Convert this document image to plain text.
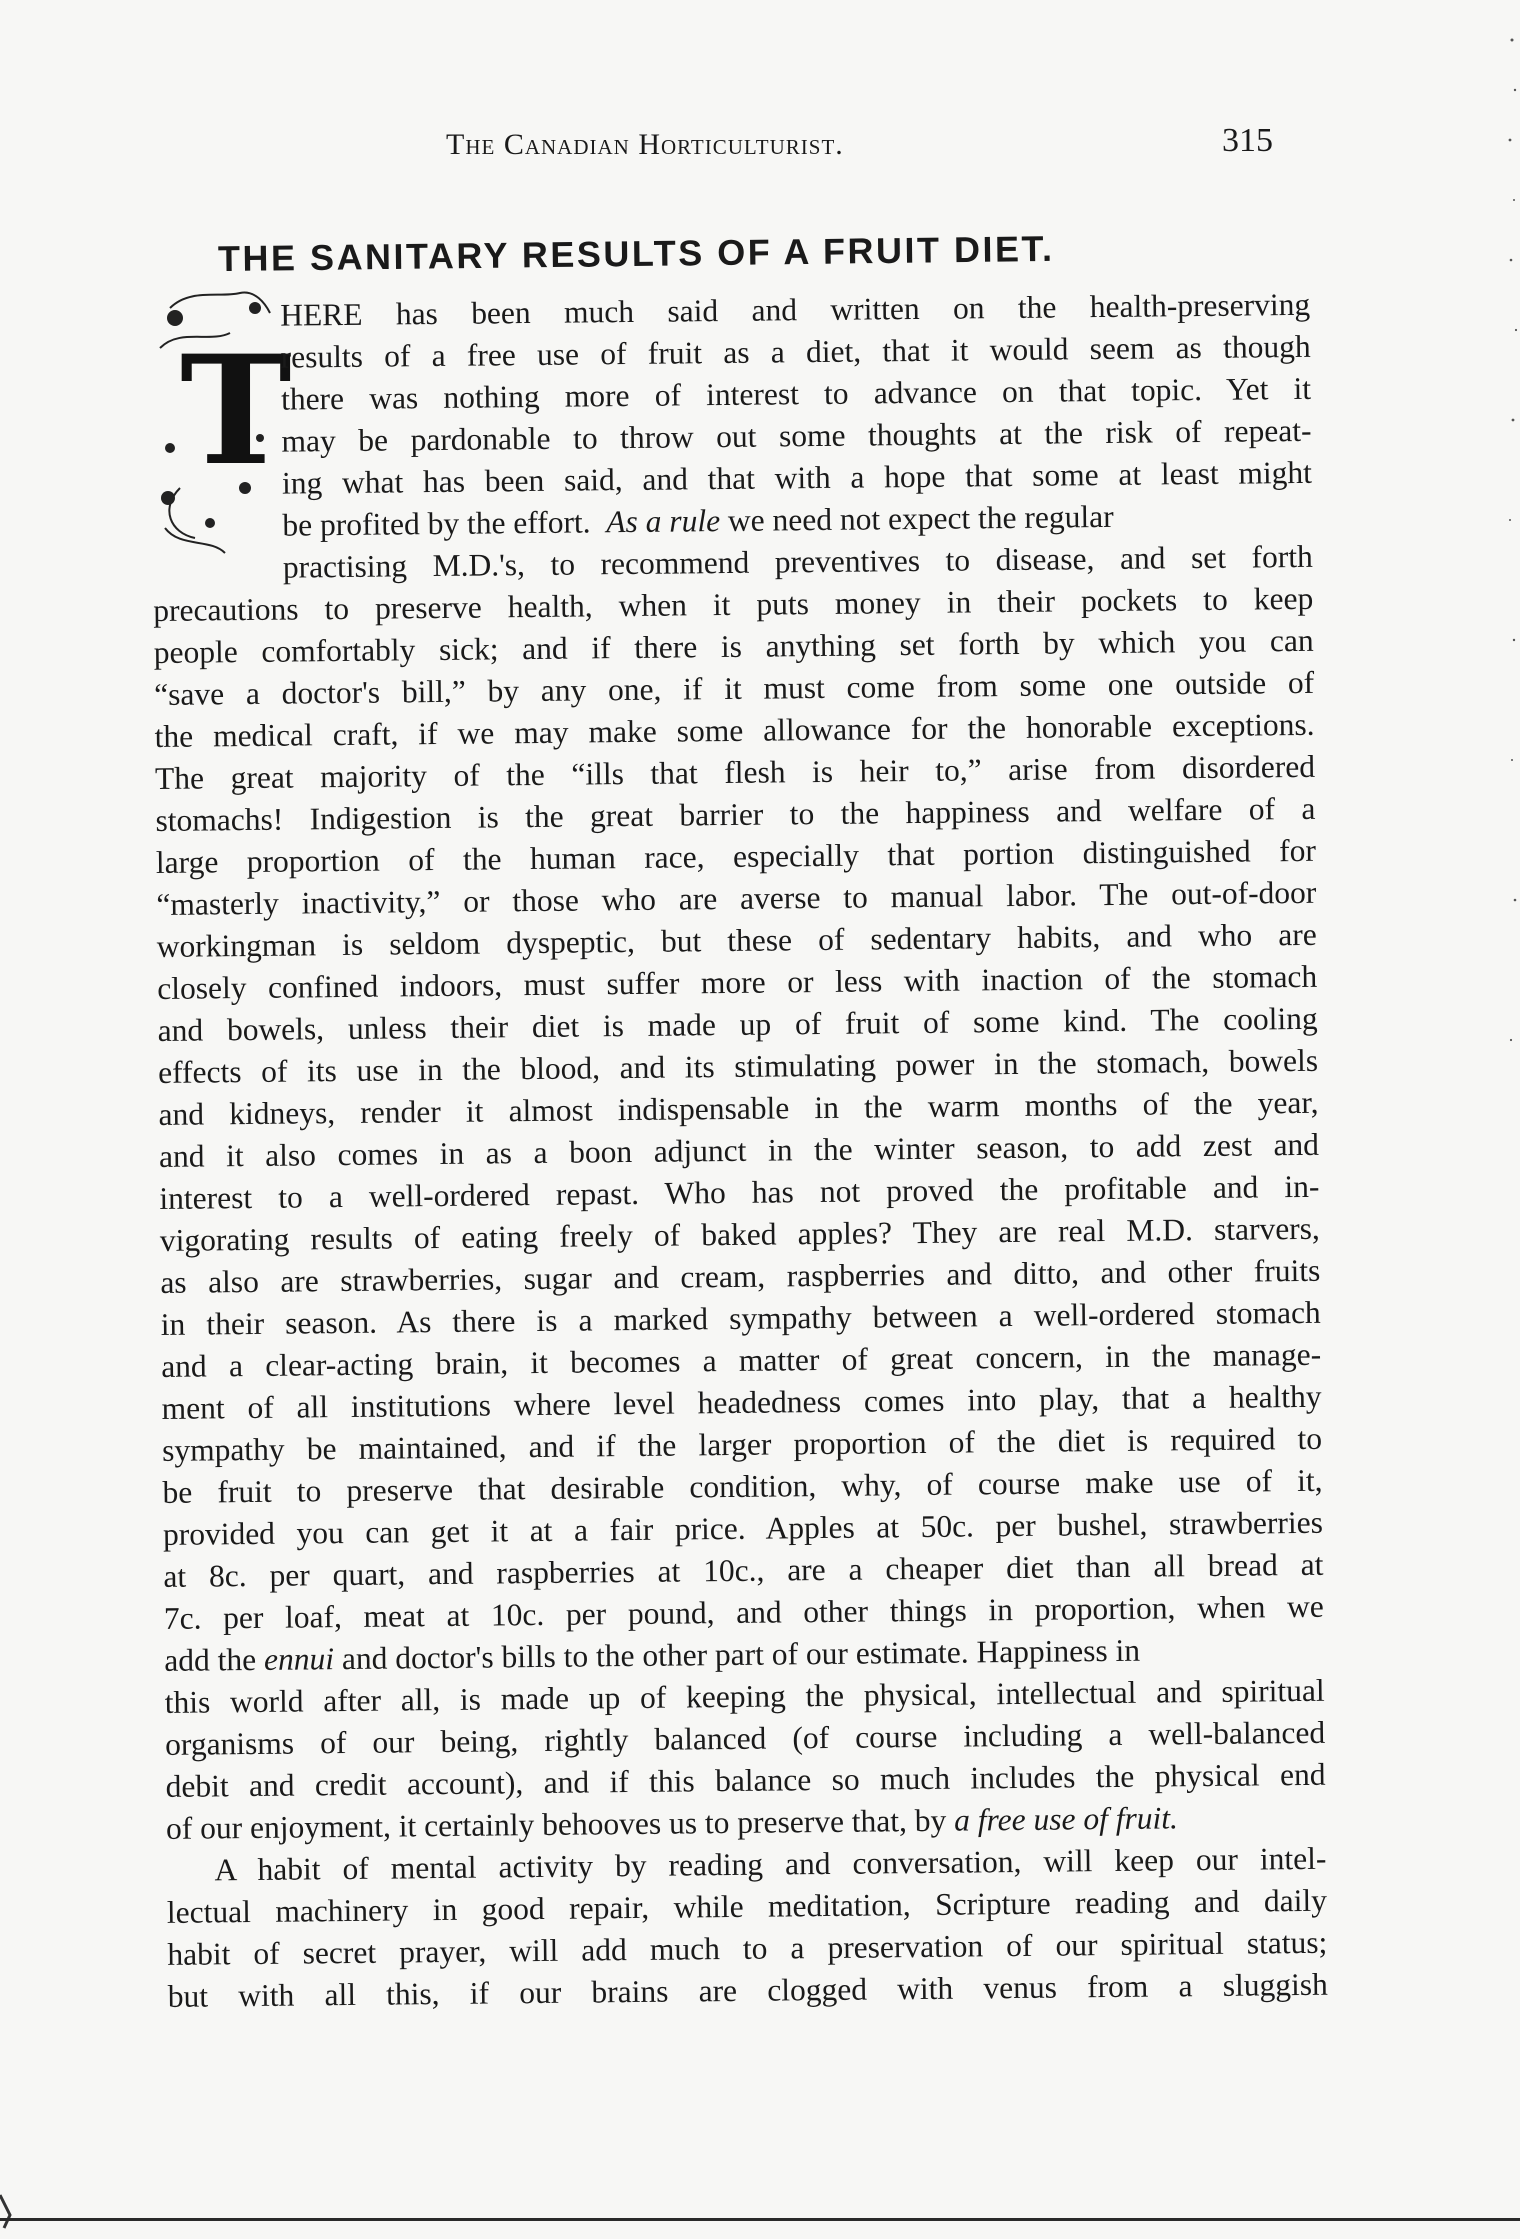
The Canadian Horticulturist.	315
THE SANITARY RESULTS OF A FRUIT DIET.
T
HERE has been much said and written on the health-preserving
results of a free use of fruit as a diet, that it would seem as though
there was nothing more of interest to advance on that topic. Yet it
may be pardonable to throw out some thoughts at the risk of repeat-
ing what has been said, and that with a hope that some at least might
be profited by the effort. As a rule we need not expect the regular
practising M.D.'s, to recommend preventives to disease, and set forth
precautions to preserve health, when it puts money in their pockets to keep
people comfortably sick; and if there is anything set forth by which you can
“save a doctor's bill,” by any one, if it must come from some one outside of
the medical craft, if we may make some allowance for the honorable exceptions.
The great majority of the “ills that flesh is heir to,” arise from disordered
stomachs! Indigestion is the great barrier to the happiness and welfare of a
large proportion of the human race, especially that portion distinguished for
“masterly inactivity,” or those who are averse to manual labor. The out-of-door
workingman is seldom dyspeptic, but these of sedentary habits, and who are
closely confined indoors, must suffer more or less with inaction of the stomach
and bowels, unless their diet is made up of fruit of some kind. The cooling
effects of its use in the blood, and its stimulating power in the stomach, bowels
and kidneys, render it almost indispensable in the warm months of the year,
and it also comes in as a boon adjunct in the winter season, to add zest and
interest to a well-ordered repast. Who has not proved the profitable and in-
vigorating results of eating freely of baked apples? They are real M.D. starvers,
as also are strawberries, sugar and cream, raspberries and ditto, and other fruits
in their season. As there is a marked sympathy between a well-ordered stomach
and a clear-acting brain, it becomes a matter of great concern, in the manage-
ment of all institutions where level headedness comes into play, that a healthy
sympathy be maintained, and if the larger proportion of the diet is required to
be fruit to preserve that desirable condition, why, of course make use of it,
provided you can get it at a fair price. Apples at 50c. per bushel, strawberries
at 8c. per quart, and raspberries at 10c., are a cheaper diet than all bread at
7c. per loaf, meat at 10c. per pound, and other things in proportion, when we
add the ennui and doctor's bills to the other part of our estimate. Happiness in
this world after all, is made up of keeping the physical, intellectual and spiritual
organisms of our being, rightly balanced (of course including a well-balanced
debit and credit account), and if this balance so much includes the physical end
of our enjoyment, it certainly behooves us to preserve that, by a free use of fruit.
A habit of mental activity by reading and conversation, will keep our intel-
lectual machinery in good repair, while meditation, Scripture reading and daily
habit of secret prayer, will add much to a preservation of our spiritual status;
but with all this, if our brains are clogged with venus from a sluggish
